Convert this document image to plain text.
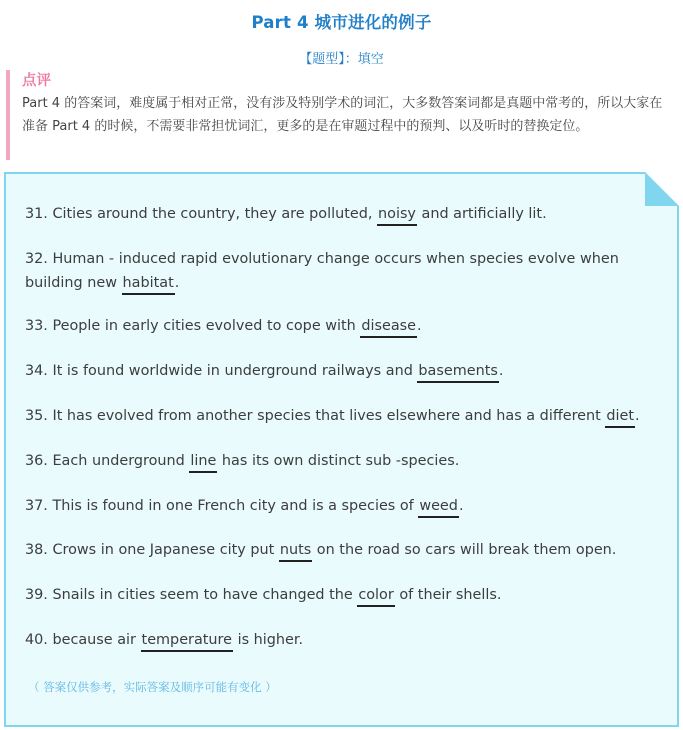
Part 4 城市进化的例子
【题型】：填空
点评
Part 4 的答案词，难度属于相对正常，没有涉及特别学术的词汇，大多数答案词都是真题中常考的，所以大家在准备 Part 4 的时候，不需要非常担忧词汇，更多的是在审题过程中的预判、以及听时的替换定位。
31. Cities around the country, they are polluted, noisy and artificially lit.
32. Human - induced rapid evolutionary change occurs when species evolve when building new habitat.
33. People in early cities evolved to cope with disease.
34. It is found worldwide in underground railways and basements.
35. It has evolved from another species that lives elsewhere and has a different diet.
36. Each underground line has its own distinct sub -species.
37. This is found in one French city and is a species of weed.
38. Crows in one Japanese city put nuts on the road so cars will break them open.
39. Snails in cities seem to have changed the color of their shells.
40. because air temperature is higher.
（ 答案仅供参考，实际答案及顺序可能有变化 ）
